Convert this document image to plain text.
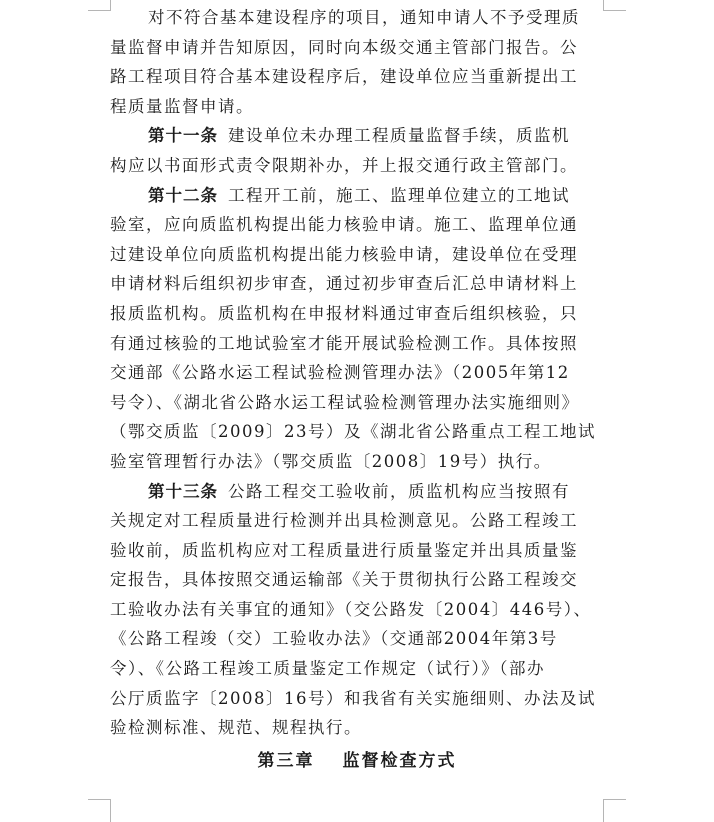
对不符合基本建设程序的项目，通知申请人不予受理质
量监督申请并告知原因，同时向本级交通主管部门报告。公
路工程项目符合基本建设程序后，建设单位应当重新提出工
程质量监督申请。
第十一条 建设单位未办理工程质量监督手续，质监机
构应以书面形式责令限期补办，并上报交通行政主管部门。
第十二条 工程开工前，施工、监理单位建立的工地试
验室，应向质监机构提出能力核验申请。施工、监理单位通
过建设单位向质监机构提出能力核验申请，建设单位在受理
申请材料后组织初步审查，通过初步审查后汇总申请材料上
报质监机构。质监机构在申报材料通过审查后组织核验，只
有通过核验的工地试验室才能开展试验检测工作。具体按照
交通部《公路水运工程试验检测管理办法》（2005年第12
号令）、《湖北省公路水运工程试验检测管理办法实施细则》
（鄂交质监〔2009〕23号）及《湖北省公路重点工程工地试
验室管理暂行办法》（鄂交质监〔2008〕19号）执行。
第十三条 公路工程交工验收前，质监机构应当按照有
关规定对工程质量进行检测并出具检测意见。公路工程竣工
验收前，质监机构应对工程质量进行质量鉴定并出具质量鉴
定报告，具体按照交通运输部《关于贯彻执行公路工程竣交
工验收办法有关事宜的通知》（交公路发〔2004〕446号）、
《公路工程竣（交）工验收办法》（交通部2004年第3号
令）、《公路工程竣工质量鉴定工作规定（试行）》（部办
公厅质监字〔2008〕16号）和我省有关实施细则、办法及试
验检测标准、规范、规程执行。
第三章 监督检查方式
